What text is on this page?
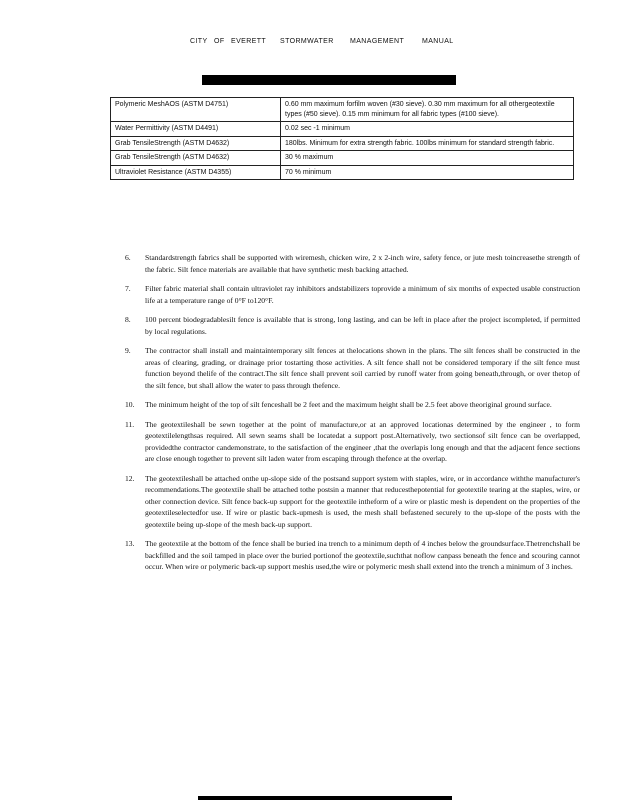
CITY OF EVERETT STORMWATER MANAGEMENT	MANUAL
Polymeric MeshAOS (ASTM D4751)	0.60 mm maximum forfilm woven (#30 sieve). 0.30 mm maximum for all othergeotextile types (#50 sieve). 0.15 mm minimum for all fabric types (#100 sieve).
Water Permittivity (ASTM D4491)	0.02 sec -1 minimum
Grab TensileStrength (ASTM D4632)	180lbs. Minimum for extra strength fabric. 100lbs minimum for standard strength fabric.
Grab TensileStrength (ASTM D4632)	30 % maximum
Ultraviolet Resistance (ASTM D4355)	70 % minimum
6. Standardstrength fabrics shall be supported with wiremesh, chicken wire, 2 x 2-inch wire, safety fence, or jute mesh toincreasethe strength of the fabric. Silt fence materials are available that have synthetic mesh backing attached.
7. Filter fabric material shall contain ultraviolet ray inhibitors andstabilizers toprovide a minimum of six months of expected usable construction life at a temperature range of 0°F to120°F.
8. 100 percent biodegradablesilt fence is available that is strong, long lasting, and can be left in place after the project iscompleted, if permitted by local regulations.
9. The contractor shall install and maintaintemporary silt fences at thelocations shown in the plans. The silt fences shall be constructed in the areas of clearing, grading, or drainage prior tostarting those activities. A silt fence shall not be considered temporary if the silt fence must function beyond thelife of the contract.The silt fence shall prevent soil carried by runoff water from going beneath,through, or over thetop of the silt fence, but shall allow the water to pass through thefence.
10. The minimum height of the top of silt fenceshall be 2 feet and the maximum height shall be 2.5 feet above theoriginal ground surface.
11. The geotextileshall be sewn together at the point of manufacture,or at an approved locationas determined by the engineer , to form geotextilelengthsas required. All sewn seams shall be locatedat a support post.Alternatively, two sectionsof silt fence can be overlapped, providedthe contractor candemonstrate, to the satisfaction of the engineer ,that the overlapis long enough and that the adjacent fence sections are close enough together to prevent silt laden water from escaping through thefence at the overlap.
12. The geotextileshall be attached onthe up-slope side of the postsand support system with staples, wire, or in accordance withthe manufacturer's recommendations.The geotextile shall be attached tothe postsin a manner that reducesthepotential for geotextile tearing at the staples, wire, or other connection device. Silt fence back-up support for the geotextile intheform of a wire or plastic mesh is dependent on the properties of the geotextileselectedfor use. If wire or plastic back-upmesh is used, the mesh shall befastened securely to the up-slope of the posts with the geotextile being up-slope of the mesh back-up support.
13. The geotextile at the bottom of the fence shall be buried ina trench to a minimum depth of 4 inches below the groundsurface.Thetrenchshall be backfilled and the soil tamped in place over the buried portionof the geotextile,suchthat noflow canpass beneath the fence and scouring cannot occur. When wire or polymeric back-up support meshis used,the wire or polymeric mesh shall extend into the trench a minimum of 3 inches.
